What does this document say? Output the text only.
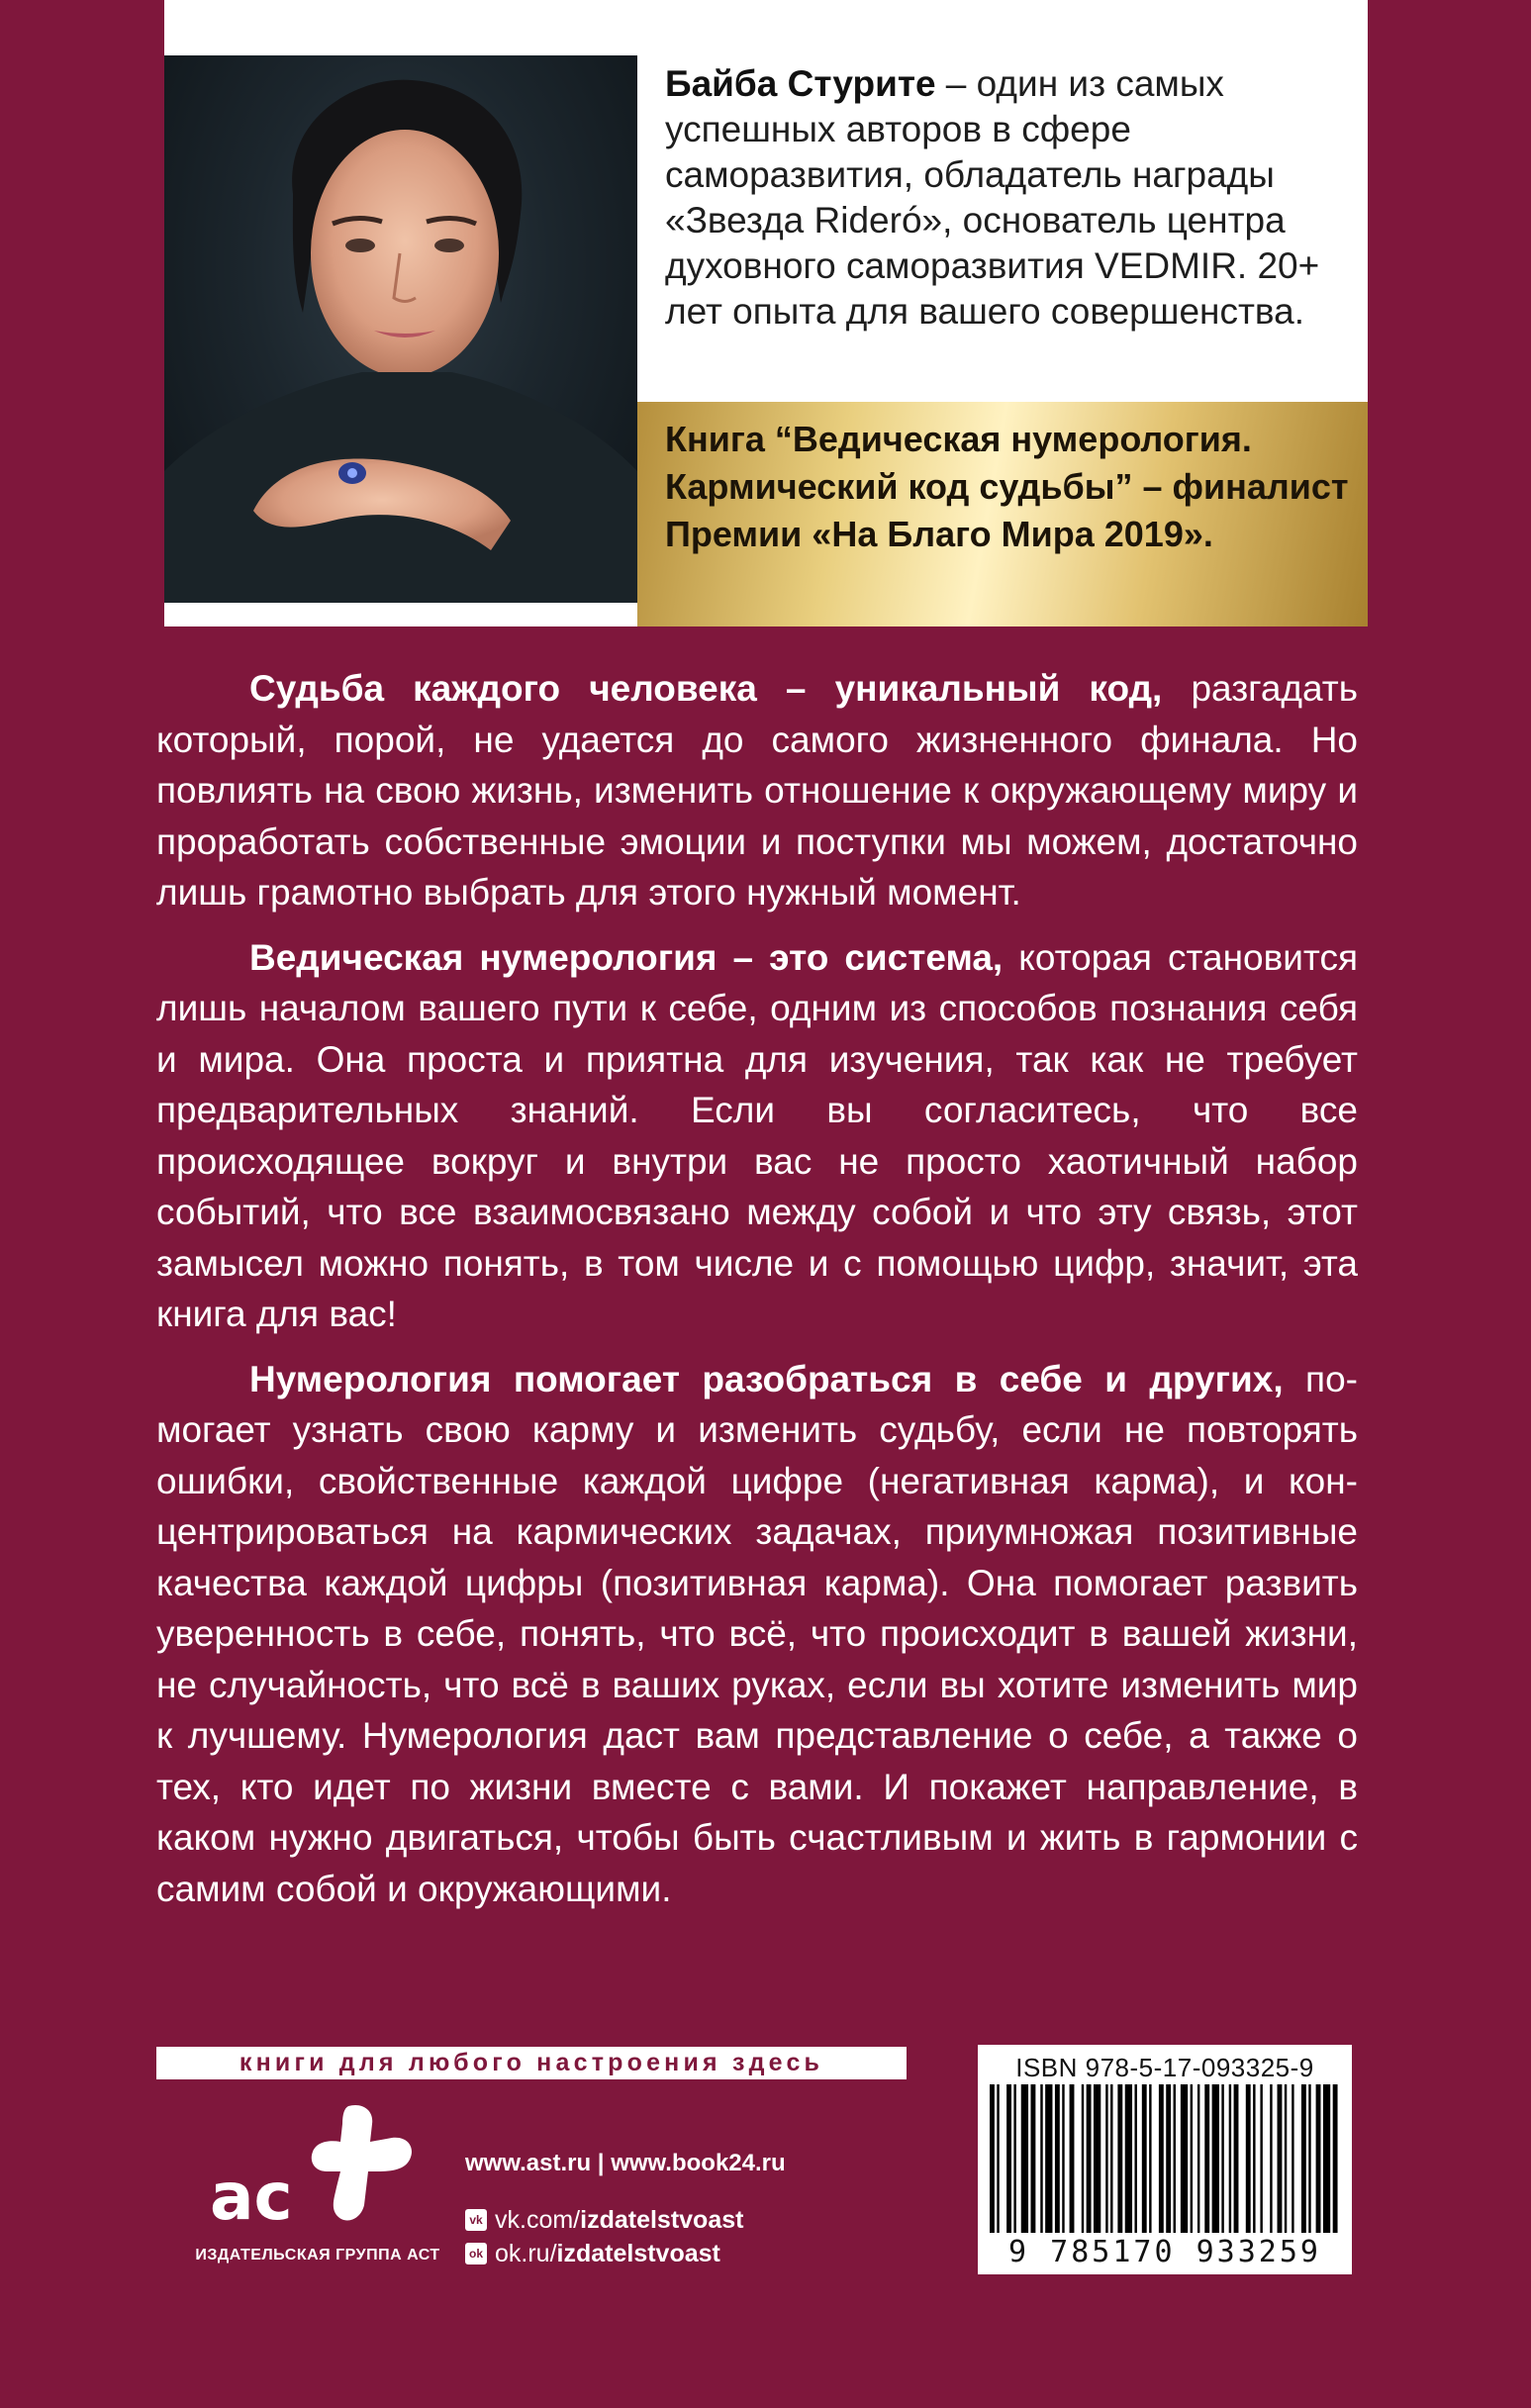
Байба Стурите – один из самых успешных авторов в сфере саморазвития, обладатель награды «Звезда Rideró», основатель центра духовного саморазвития VEDMIR. 20+ лет опыта для вашего совершенства.
Книга “Ведическая нумерология. Кармический код судьбы” – финалист Премии «На Благо Мира 2019».

Судьба каждого человека – уникальный код, разгадать который, порой, не удается до самого жизненного финала. Но повлиять на свою жизнь, изменить отношение к окружающему миру и проработать собственные эмоции и поступки мы можем, достаточно лишь грамотно выбрать для этого нужный момент.

Ведическая нумерология – это система, которая становится лишь началом вашего пути к себе, одним из способов познания себя и мира. Она проста и приятна для изучения, так как не требует предварительных знаний. Если вы согласитесь, что все происходящее вокруг и внутри вас не просто хаотичный набор событий, что все взаимосвязано между собой и что эту связь, этот замысел можно понять, в том числе и с помощью цифр, значит, эта книга для вас!

Нумерология помогает разобраться в себе и других, помогает узнать свою карму и изменить судьбу, если не повторять ошибки, свойственные каждой цифре (негативная карма), и концентрироваться на кармических задачах, приумножая позитивные качества каждой цифры (позитивная карма). Она помогает развить уверенность в себе, понять, что всё, что происходит в вашей жизни, не случайность, что всё в ваших руках, если вы хотите изменить мир к лучшему. Нумерология даст вам представление о себе, а также о тех, кто идет по жизни вместе с вами. И покажет направление, в каком нужно двигаться, чтобы быть счастливым и жить в гармонии с самим собой и окружающими.

книги для любого настроения здесь
ас
ИЗДАТЕЛЬСКАЯ ГРУППА АСТ
www.ast.ru | www.book24.ru
vk vk.com/ izdatelstvoast
ok ok.ru/ izdatelstvoast
ISBN 978-5-17-093325-9
9 785170 933259
